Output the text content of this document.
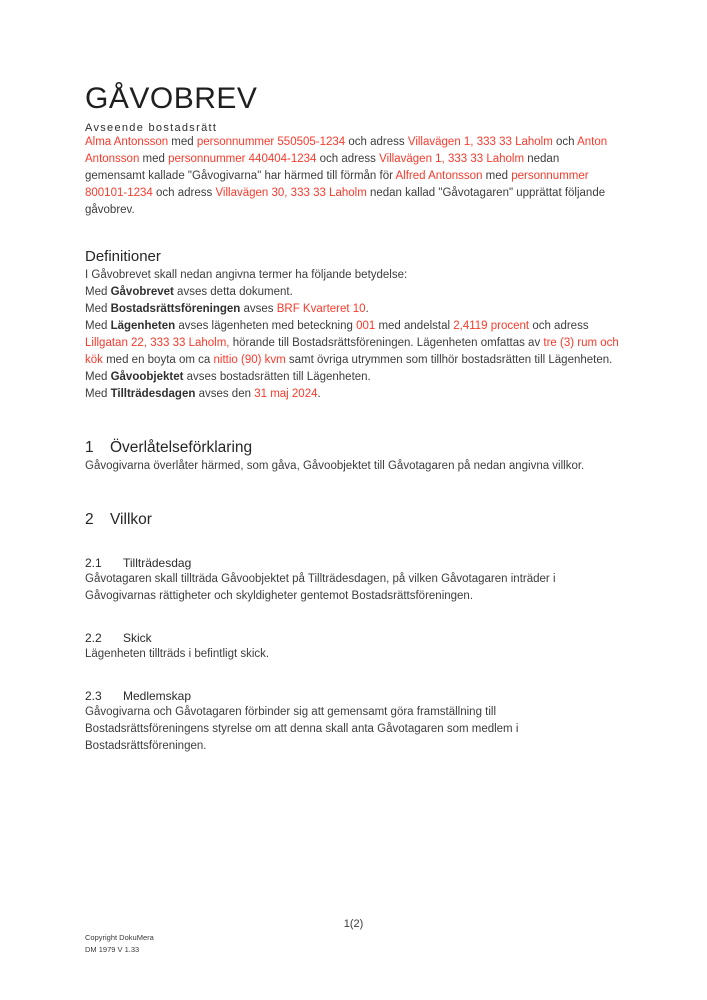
GÅVOBREV
Avseende bostadsrätt

Alma Antonsson med personnummer 550505-1234 och adress Villavägen 1, 333 33 Laholm och Anton Antonsson med personnummer 440404-1234 och adress Villavägen 1, 333 33 Laholm nedan gemensamt kallade "Gåvogivarna" har härmed till förmån för Alfred Antonsson med personnummer 800101-1234 och adress Villavägen 30, 333 33 Laholm nedan kallad "Gåvotagaren" upprättat följande gåvobrev.

Definitioner

I Gåvobrevet skall nedan angivna termer ha följande betydelse:

Med Gåvobrevet avses detta dokument.

Med Bostadsrättsföreningen avses BRF Kvarteret 10.

Med Lägenheten avses lägenheten med beteckning 001 med andelstal 2,4119 procent och adress Lillgatan 22, 333 33 Laholm, hörande till Bostadsrättsföreningen. Lägenheten omfattas av tre (3) rum och kök med en boyta om ca nittio (90) kvm samt övriga utrymmen som tillhör bostadsrätten till Lägenheten.

Med Gåvoobjektet avses bostadsrätten till Lägenheten.

Med Tillträdesdagen avses den 31 maj 2024.

1	Överlåtelseförklaring

Gåvogivarna överlåter härmed, som gåva, Gåvoobjektet till Gåvotagaren på nedan angivna villkor.

2	Villkor
2.1	Tillträdesdag

Gåvotagaren skall tillträda Gåvoobjektet på Tillträdesdagen, på vilken Gåvotagaren inträder i Gåvogivarnas rättigheter och skyldigheter gentemot Bostadsrättsföreningen.

2.2	Skick

Lägenheten tillträds i befintligt skick.

2.3	Medlemskap

Gåvogivarna och Gåvotagaren förbinder sig att gemensamt göra framställning till Bostadsrättsföreningens styrelse om att denna skall anta Gåvotagaren som medlem i Bostadsrättsföreningen.

1(2)
Copyright DokuMera
DM 1979 V 1.33
